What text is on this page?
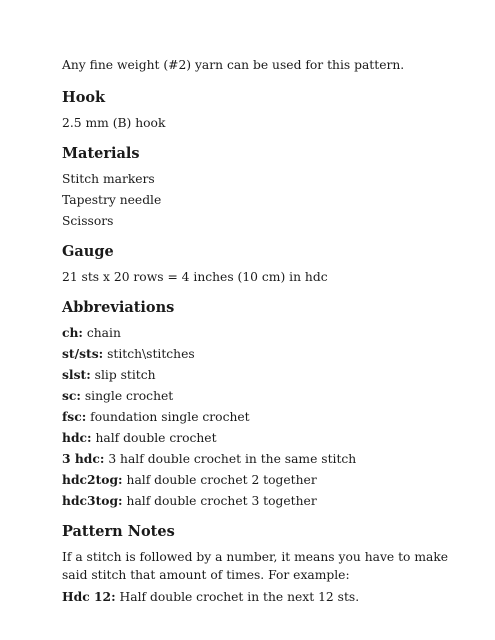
Any fine weight (#2) yarn can be used for this pattern.

Hook

2.5 mm (B) hook

Materials

Stitch markers

Tapestry needle

Scissors

Gauge

21 sts x 20 rows = 4 inches (10 cm) in hdc

Abbreviations

ch: chain

st/sts: stitch\stitches

slst: slip stitch

sc: single crochet

fsc: foundation single crochet

hdc: half double crochet

3 hdc: 3 half double crochet in the same stitch

hdc2tog: half double crochet 2 together

hdc3tog: half double crochet 3 together

Pattern Notes

If a stitch is followed by a number, it means you have to make said stitch that amount of times. For example:

Hdc 12: Half double crochet in the next 12 sts.
